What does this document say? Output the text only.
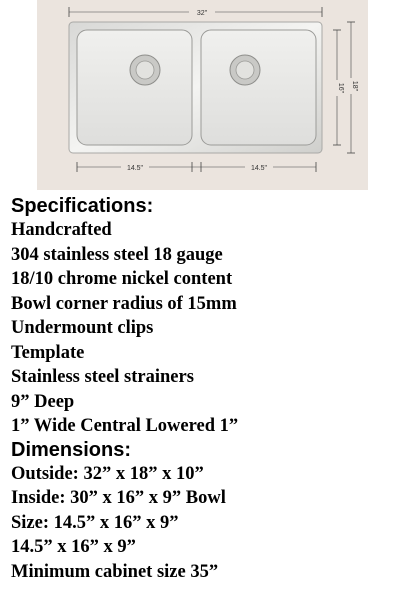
32"
16" 18"
14.5"	14.5"

Specifications:

Handcrafted

304 stainless steel 18 gauge

18/10 chrome nickel content

Bowl corner radius of 15mm

Undermount clips

Template

Stainless steel strainers

9” Deep

1” Wide Central Lowered 1”

Dimensions:

Outside: 32” x 18” x 10”

Inside: 30” x 16” x 9” Bowl

Size: 14.5” x 16” x 9”

14.5” x 16” x 9”

Minimum cabinet size 35”
